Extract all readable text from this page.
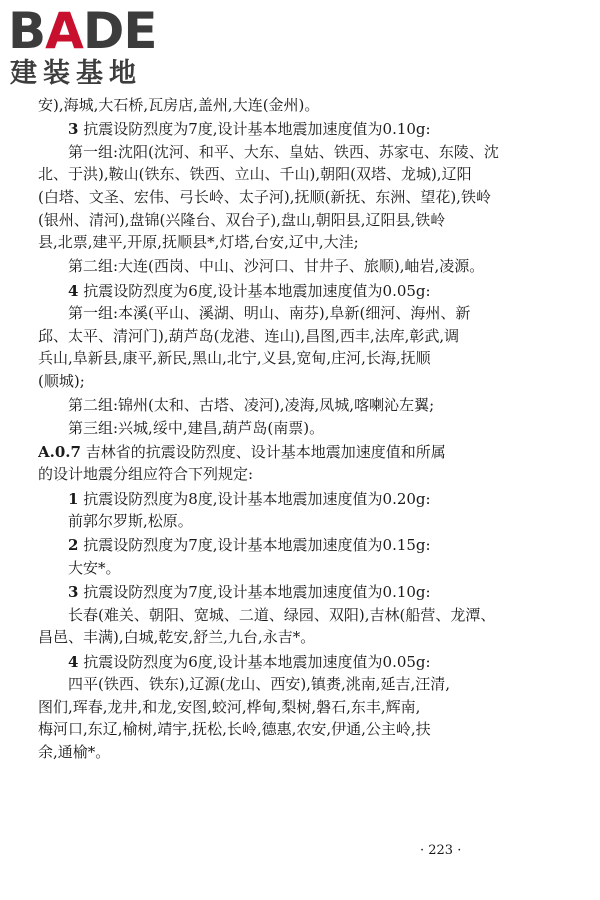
BADE
建装基地
安),海城,大石桥,瓦房店,盖州,大连(金州)。
3 抗震设防烈度为7度,设计基本地震加速度值为0.10g:
第一组:沈阳(沈河、和平、大东、皇姑、铁西、苏家屯、东陵、沈
北、于洪),鞍山(铁东、铁西、立山、千山),朝阳(双塔、龙城),辽阳
(白塔、文圣、宏伟、弓长岭、太子河),抚顺(新抚、东洲、望花),铁岭
(银州、清河),盘锦(兴隆台、双台子),盘山,朝阳县,辽阳县,铁岭
县,北票,建平,开原,抚顺县*,灯塔,台安,辽中,大洼;
第二组:大连(西岗、中山、沙河口、甘井子、旅顺),岫岩,凌源。
4 抗震设防烈度为6度,设计基本地震加速度值为0.05g:
第一组:本溪(平山、溪湖、明山、南芬),阜新(细河、海州、新
邱、太平、清河门),葫芦岛(龙港、连山),昌图,西丰,法库,彰武,调
兵山,阜新县,康平,新民,黑山,北宁,义县,宽甸,庄河,长海,抚顺
(顺城);
第二组:锦州(太和、古塔、凌河),凌海,凤城,喀喇沁左翼;
第三组:兴城,绥中,建昌,葫芦岛(南票)。
A.0.7 吉林省的抗震设防烈度、设计基本地震加速度值和所属
的设计地震分组应符合下列规定:
1 抗震设防烈度为8度,设计基本地震加速度值为0.20g:
前郭尔罗斯,松原。
2 抗震设防烈度为7度,设计基本地震加速度值为0.15g:
大安*。
3 抗震设防烈度为7度,设计基本地震加速度值为0.10g:
长春(难关、朝阳、宽城、二道、绿园、双阳),吉林(船营、龙潭、
昌邑、丰满),白城,乾安,舒兰,九台,永吉*。
4 抗震设防烈度为6度,设计基本地震加速度值为0.05g:
四平(铁西、铁东),辽源(龙山、西安),镇赉,洮南,延吉,汪清,
图们,珲春,龙井,和龙,安图,蛟河,桦甸,梨树,磐石,东丰,辉南,
梅河口,东辽,榆树,靖宇,抚松,长岭,德惠,农安,伊通,公主岭,扶
余,通榆*。
· 223 ·
